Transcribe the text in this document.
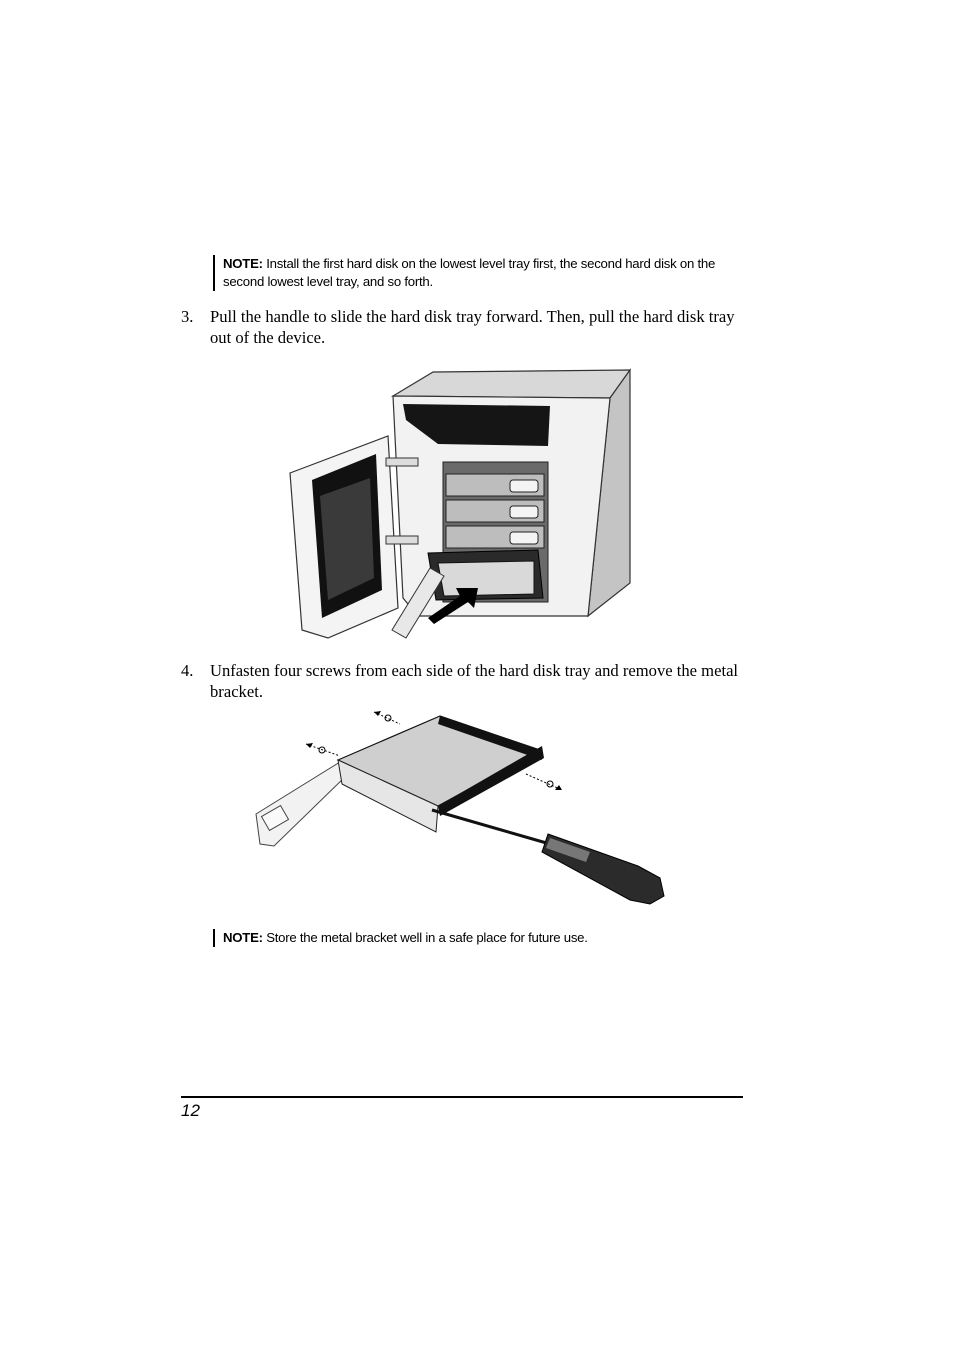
NOTE: Install the first hard disk on the lowest level tray first, the second hard disk on the second lowest level tray, and so forth.
3. Pull the handle to slide the hard disk tray forward. Then, pull the hard disk tray out of the device.
4. Unfasten four screws from each side of the hard disk tray and remove the metal bracket.
NOTE: Store the metal bracket well in a safe place for future use.
12
